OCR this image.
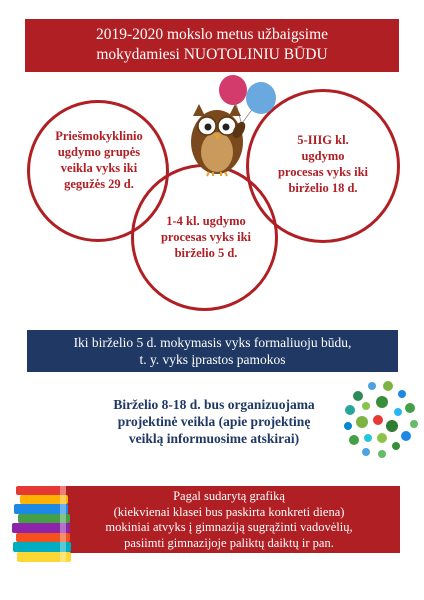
2019-2020 mokslo metus užbaigsime
mokydamiesi NUOTOLINIU BŪDU
Priešmokyklinio
ugdymo grupės
veikla vyks iki
gegužės 29 d.
1-4 kl. ugdymo
procesas vyks iki
birželio 5 d.
5-IIIG kl.
ugdymo
procesas vyks iki
birželio 18 d.
Iki birželio 5 d. mokymasis vyks formaliuoju būdu,
t. y. vyks įprastos pamokos
Birželio 8-18 d. bus organizuojama
projektinė veikla (apie projektinę
veiklą informuosime atskirai)
Pagal sudarytą grafiką
(kiekvienai klasei bus paskirta konkreti diena)
mokiniai atvyks į gimnaziją sugrąžinti vadovėlių,
pasiimti gimnazijoje paliktų daiktų ir pan.
